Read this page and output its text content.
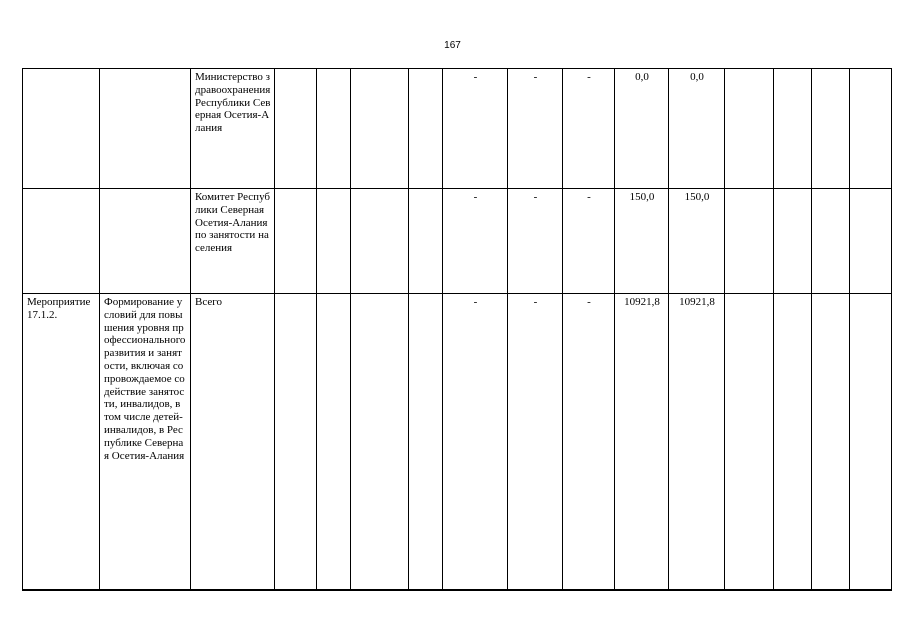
167
		Министерство здравоохранения Республики Северная Осетия-Алания					-	-	-	0,0	0,0				
		Комитет Республики Северная Осетия-Алания по занятости населения					-	-	-	150,0	150,0				
Мероприятие 17.1.2.	Формирование условий для повышения уровня профессионального развития и занятости, включая сопровождаемое содействие занятости, инвалидов, в том числе детей-инвалидов, в Республике Северная Осетия-Алания	Всего					-	-	-	10921,8	10921,8				
